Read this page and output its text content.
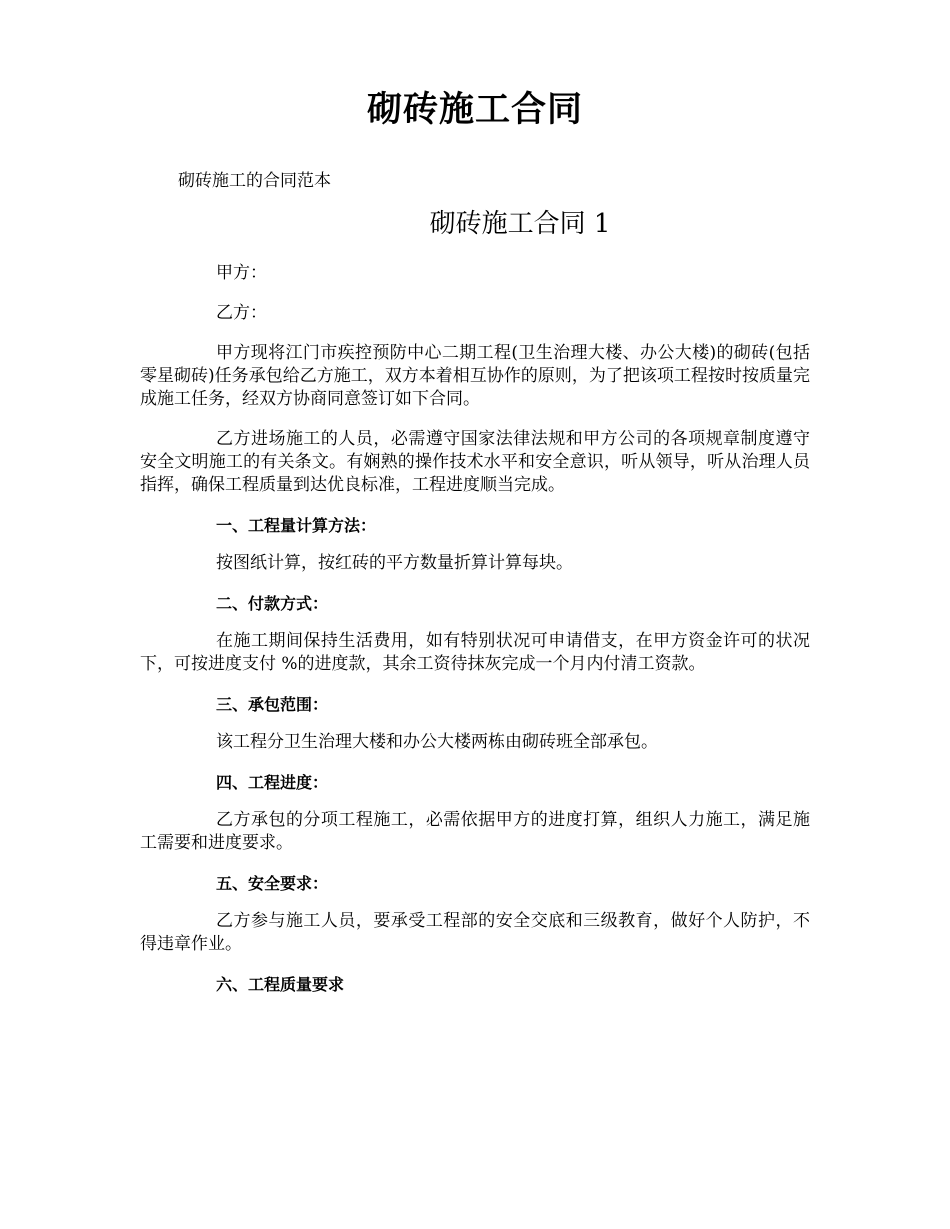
砌砖施工合同

砌砖施工的合同范本

砌砖施工合同 1

甲方：

乙方：

甲方现将江门市疾控预防中心二期工程(卫生治理大楼、办公大楼)的砌砖(包括零星砌砖)任务承包给乙方施工，双方本着相互协作的原则，为了把该项工程按时按质量完成施工任务，经双方协商同意签订如下合同。

乙方进场施工的人员，必需遵守国家法律法规和甲方公司的各项规章制度遵守安全文明施工的有关条文。有娴熟的操作技术水平和安全意识，听从领导，听从治理人员指挥，确保工程质量到达优良标准，工程进度顺当完成。

一、工程量计算方法：

按图纸计算，按红砖的平方数量折算计算每块。

二、付款方式：

在施工期间保持生活费用，如有特别状况可申请借支，在甲方资金许可的状况下，可按进度支付 %的进度款，其余工资待抹灰完成一个月内付清工资款。

三、承包范围：

该工程分卫生治理大楼和办公大楼两栋由砌砖班全部承包。

四、工程进度：

乙方承包的分项工程施工，必需依据甲方的进度打算，组织人力施工，满足施工需要和进度要求。

五、安全要求：

乙方参与施工人员，要承受工程部的安全交底和三级教育，做好个人防护，不得违章作业。

六、工程质量要求
